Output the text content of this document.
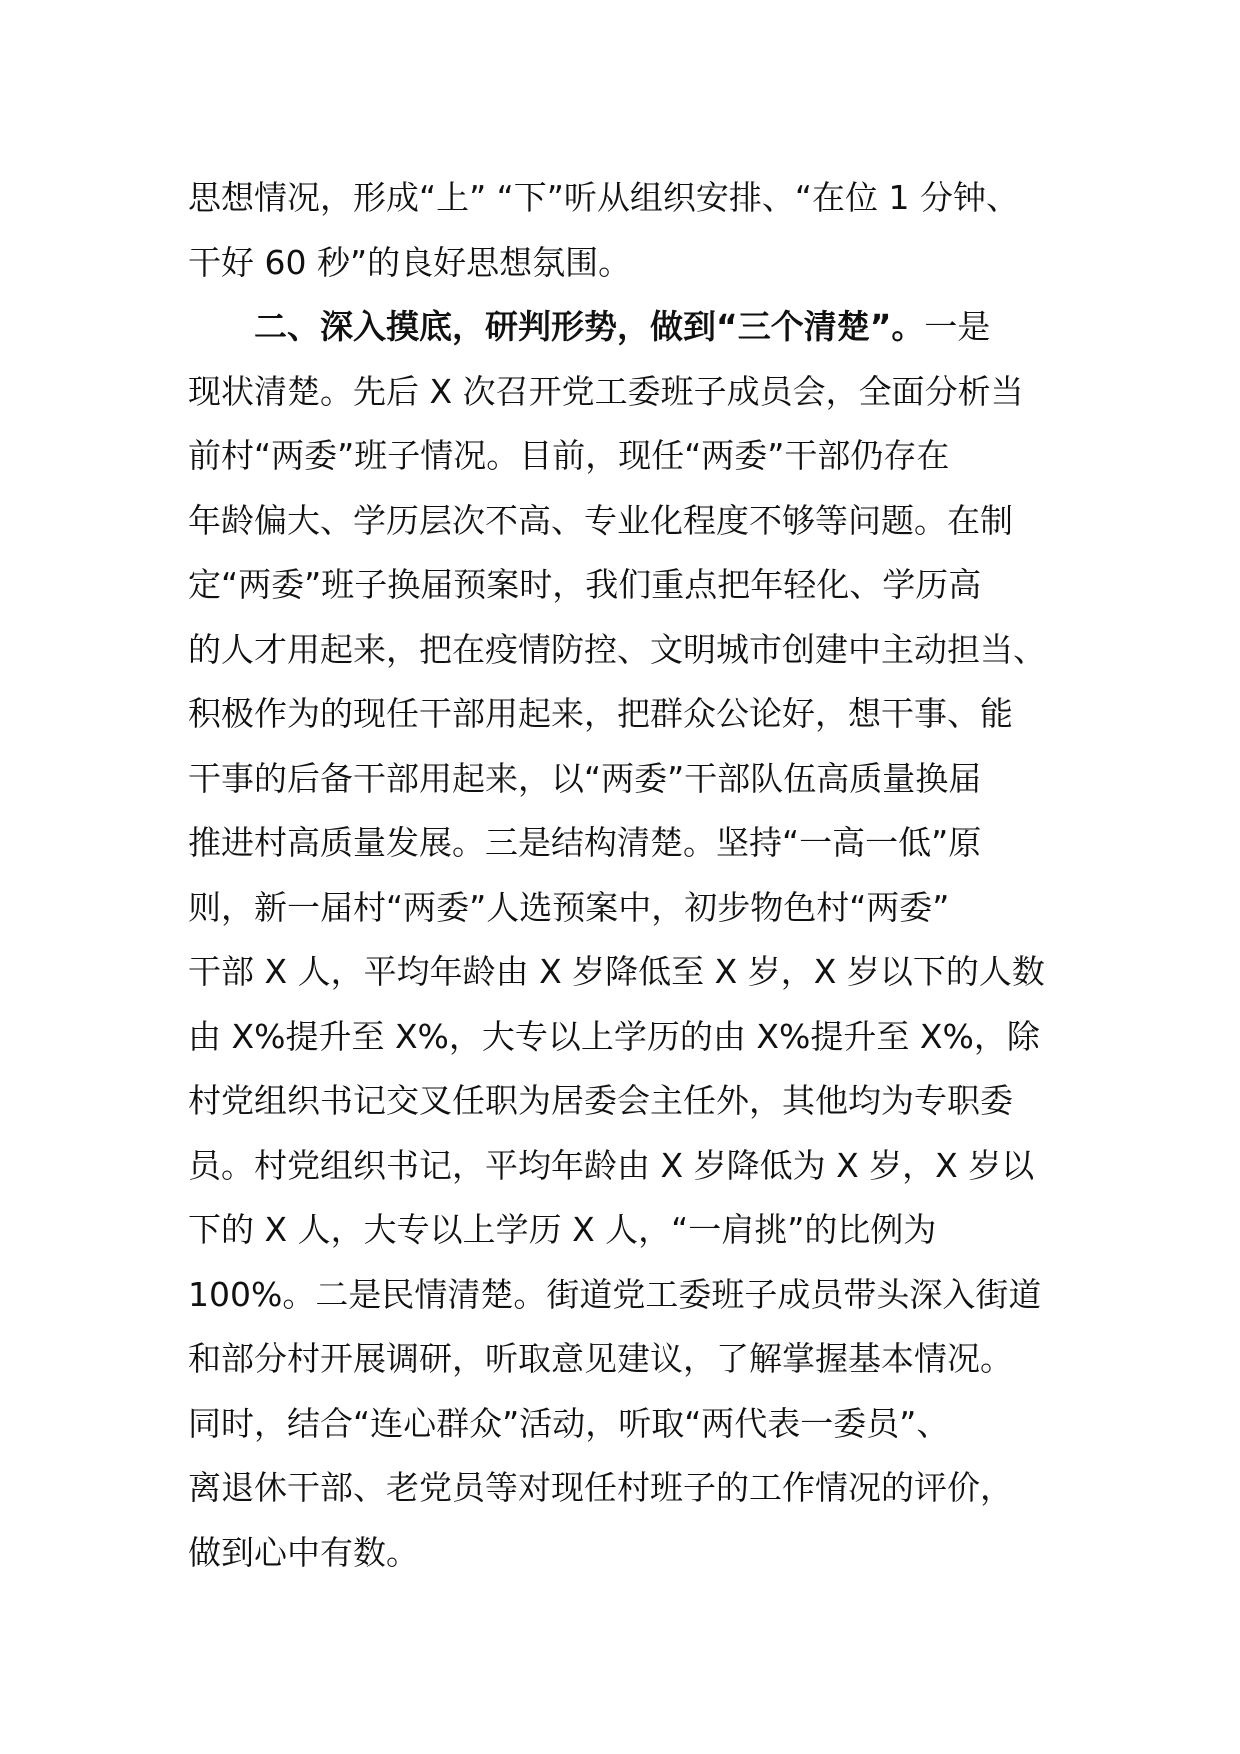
思想情况，形成“上” “下”听从组织安排、“在位 1 分钟、
干好 60 秒”的良好思想氛围。
二、深入摸底，研判形势，做到“三个清楚”。一是
现状清楚。先后 X 次召开党工委班子成员会，全面分析当
前村“两委”班子情况。目前，现任“两委”干部仍存在
年龄偏大、学历层次不高、专业化程度不够等问题。在制
定“两委”班子换届预案时，我们重点把年轻化、学历高
的人才用起来，把在疫情防控、文明城市创建中主动担当、
积极作为的现任干部用起来，把群众公论好，想干事、能
干事的后备干部用起来，以“两委”干部队伍高质量换届
推进村高质量发展。三是结构清楚。坚持“一高一低”原
则，新一届村“两委”人选预案中，初步物色村“两委”
干部 X 人，平均年龄由 X 岁降低至 X 岁，X 岁以下的人数
由 X%提升至 X%，大专以上学历的由 X%提升至 X%，除
村党组织书记交叉任职为居委会主任外，其他均为专职委
员。村党组织书记，平均年龄由 X 岁降低为 X 岁，X 岁以
下的 X 人，大专以上学历 X 人，“一肩挑”的比例为
100%。二是民情清楚。街道党工委班子成员带头深入街道
和部分村开展调研，听取意见建议，了解掌握基本情况。
同时，结合“连心群众”活动，听取“两代表一委员”、
离退休干部、老党员等对现任村班子的工作情况的评价，
做到心中有数。
